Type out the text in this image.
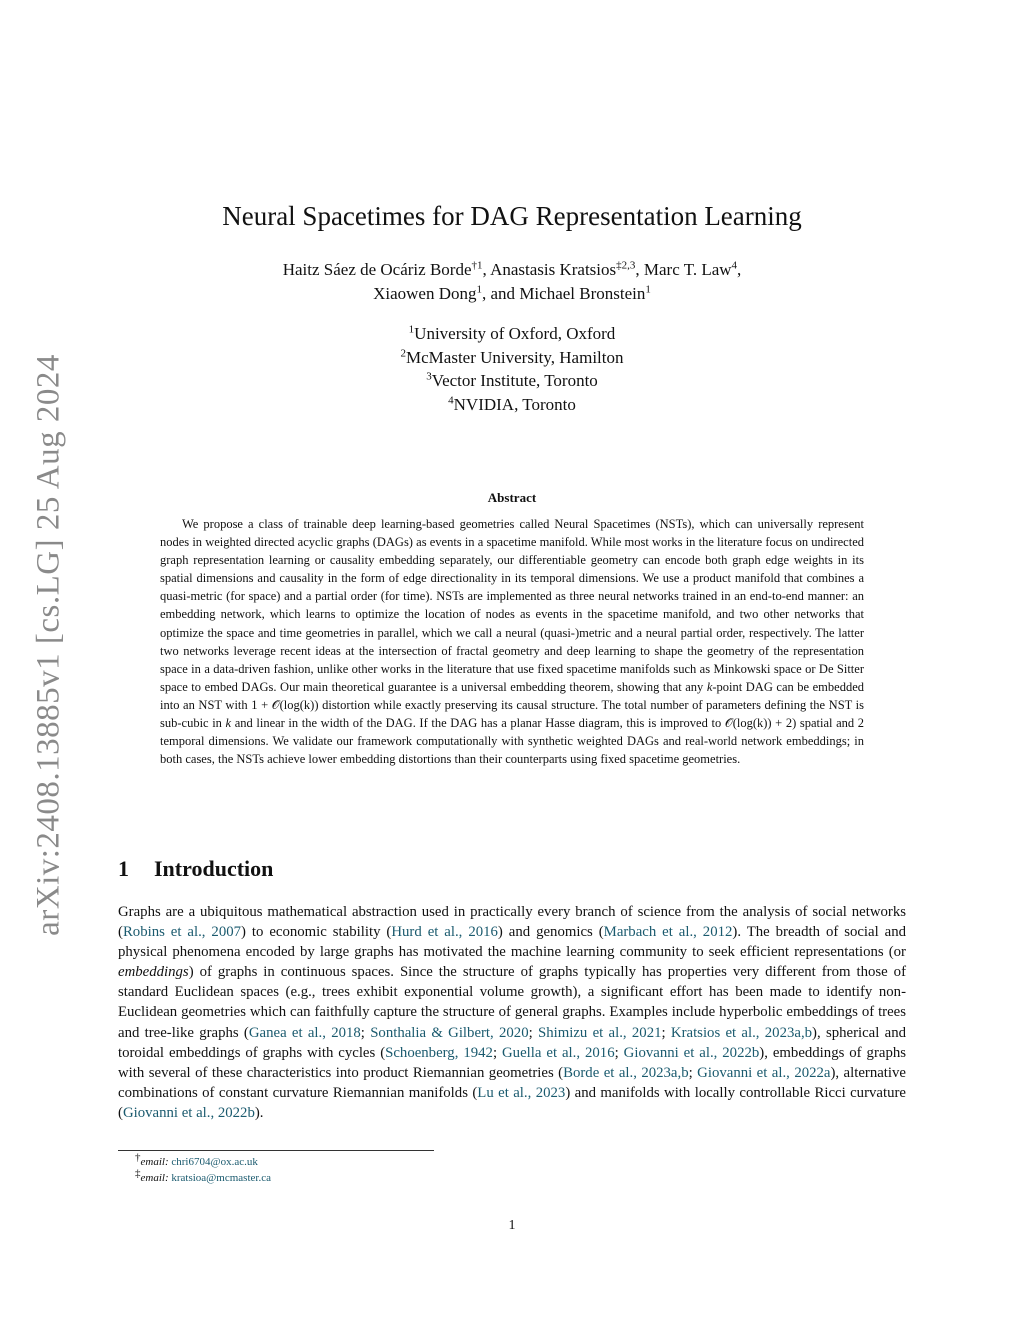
arXiv:2408.13885v1 [cs.LG] 25 Aug 2024
Neural Spacetimes for DAG Representation Learning
Haitz Sáez de Ocáriz Borde$^{\dagger 1}$, Anastasis Kratsios$^{\ddagger 2,3}$, Marc T. Law$^4$,
Xiaowen Dong$^1$, and Michael Bronstein$^1$
$^1$University of Oxford, Oxford
$^2$McMaster University, Hamilton
$^3$Vector Institute, Toronto
$^4$NVIDIA, Toronto
Abstract

We propose a class of trainable deep learning-based geometries called Neural Spacetimes (NSTs), which can universally represent nodes in weighted directed acyclic graphs (DAGs) as events in a spacetime manifold. While most works in the literature focus on undirected graph representation learning or causality embedding separately, our differentiable geometry can encode both graph edge weights in its spatial dimensions and causality in the form of edge directionality in its temporal dimensions. We use a product manifold that combines a quasi-metric (for space) and a partial order (for time). NSTs are implemented as three neural networks trained in an end-to-end manner: an embedding network, which learns to optimize the location of nodes as events in the spacetime manifold, and two other networks that optimize the space and time geometries in parallel, which we call a neural (quasi-)metric and a neural partial order, respectively. The latter two networks leverage recent ideas at the intersection of fractal geometry and deep learning to shape the geometry of the representation space in a data-driven fashion, unlike other works in the literature that use fixed spacetime manifolds such as Minkowski space or De Sitter space to embed DAGs. Our main theoretical guarantee is a universal embedding theorem, showing that any k-point DAG can be embedded into an NST with 1 + 𝒪(log(k)) distortion while exactly preserving its causal structure. The total number of parameters defining the NST is sub-cubic in k and linear in the width of the DAG. If the DAG has a planar Hasse diagram, this is improved to 𝒪(log(k)) + 2) spatial and 2 temporal dimensions. We validate our framework computationally with synthetic weighted DAGs and real-world network embeddings; in both cases, the NSTs achieve lower embedding distortions than their counterparts using fixed spacetime geometries.

1 Introduction

Graphs are a ubiquitous mathematical abstraction used in practically every branch of science from the analysis of social networks (Robins et al., 2007) to economic stability (Hurd et al., 2016) and genomics (Marbach et al., 2012). The breadth of social and physical phenomena encoded by large graphs has motivated the machine learning community to seek efficient representations (or embeddings) of graphs in continuous spaces. Since the structure of graphs typically has properties very different from those of standard Euclidean spaces (e.g., trees exhibit exponential volume growth), a significant effort has been made to identify non-Euclidean geometries which can faithfully capture the structure of general graphs. Examples include hyperbolic embeddings of trees and tree-like graphs (Ganea et al., 2018; Sonthalia & Gilbert, 2020; Shimizu et al., 2021; Kratsios et al., 2023a,b), spherical and toroidal embeddings of graphs with cycles (Schoenberg, 1942; Guella et al., 2016; Giovanni et al., 2022b), embeddings of graphs with several of these characteristics into product Riemannian geometries (Borde et al., 2023a,b; Giovanni et al., 2022a), alternative combinations of constant curvature Riemannian manifolds (Lu et al., 2023) and manifolds with locally controllable Ricci curvature (Giovanni et al., 2022b).

†email: chri6704@ox.ac.uk
‡email: kratsioa@mcmaster.ca
1
